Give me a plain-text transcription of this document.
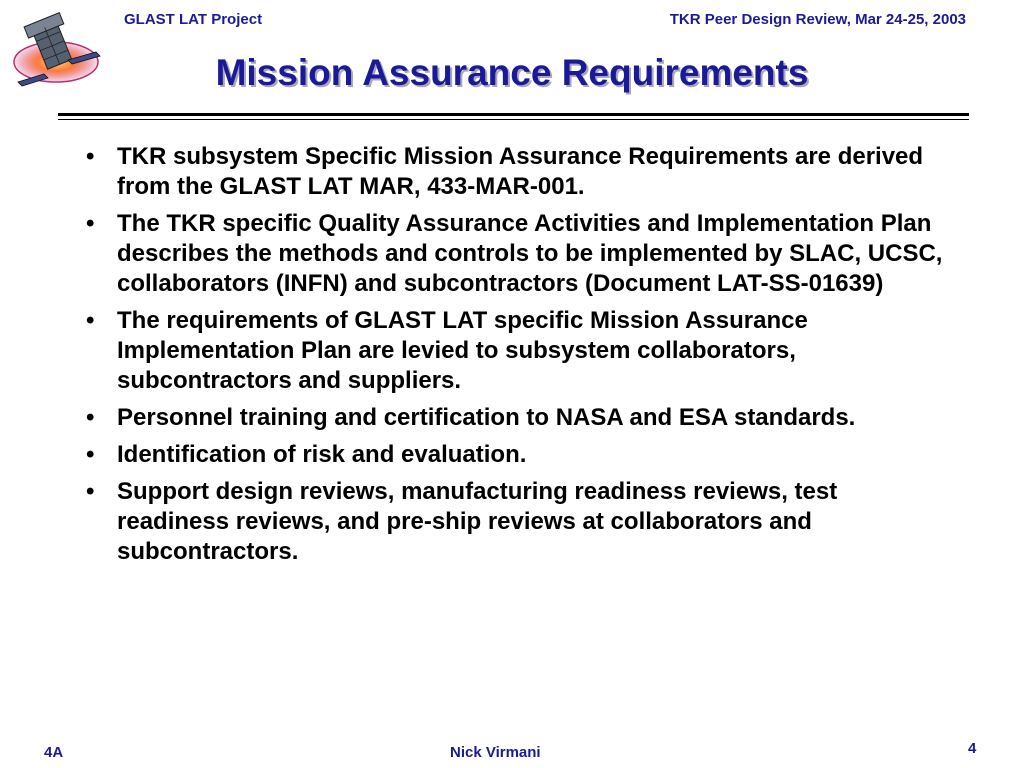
GLAST LAT Project	TKR Peer Design Review, Mar 24-25, 2003
Mission Assurance Requirements
• TKR subsystem Specific Mission Assurance Requirements are derived from the GLAST LAT MAR, 433-MAR-001.
• The TKR specific Quality Assurance Activities and Implementation Plan describes the methods and controls to be implemented by SLAC, UCSC, collaborators (INFN) and subcontractors (Document LAT-SS-01639)
• The requirements of GLAST LAT specific Mission Assurance Implementation Plan are levied to subsystem collaborators, subcontractors and suppliers.
• Personnel training and certification to NASA and ESA standards.
• Identification of risk and evaluation.
• Support design reviews, manufacturing readiness reviews, test readiness reviews, and pre-ship reviews at collaborators and subcontractors.
4A	Nick Virmani	4
